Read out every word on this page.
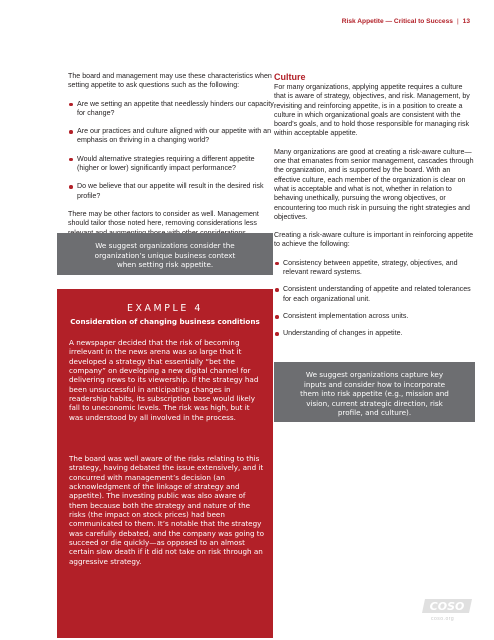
Risk Appetite — Critical to Success | 13

The board and management may use these characteristics when setting appetite to ask questions such as the following:

Are we setting an appetite that needlessly hinders our capacity for change?
Are our practices and culture aligned with our appetite with an emphasis on thriving in a changing world?
Would alternative strategies requiring a different appetite (higher or lower) significantly impact performance?
Do we believe that our appetite will result in the desired risk profile?

There may be other factors to consider as well. Management should tailor those noted here, removing considerations less

We suggest organizations consider the organization’s unique business context when setting risk appetite.
EXAMPLE 4
Consideration of changing business conditions

A newspaper decided that the risk of becoming irrelevant in the news arena was so large that it developed a strategy that essentially “bet the company” on developing a new digital channel for delivering news to its viewership. If the strategy had been unsuccessful in anticipating changes in readership habits, its subscription base would likely fall to uneconomic levels. The risk was high, but it was understood by all involved in the process.

The board was well aware of the risks relating to this strategy, having debated the issue extensively, and it concurred with management’s decision (an acknowledgment of the linkage of strategy and appetite). The investing public was also aware of them because both the strategy and nature of the risks (the impact on stock prices) had been communicated to them. It’s notable that the strategy was carefully debated, and the company was going to succeed or die quickly—as opposed to an almost certain slow death if it did not take on risk through an aggressive strategy.

Culture

For many organizations, applying appetite requires a culture that is aware of strategy, objectives, and risk. Management, by revisiting and reinforcing appetite, is in a position to create a culture in which organizational goals are consistent with the board’s goals, and to hold those responsible for managing risk within acceptable appetite.

Many organizations are good at creating a risk-aware culture—one that emanates from senior management, cascades through the organization, and is supported by the board. With an effective culture, each member of the organization is clear on what is acceptable and what is not, whether in relation to behaving unethically, pursuing the wrong objectives, or encountering too much risk in pursuing the right strategies and objectives.

Creating a risk-aware culture is important in reinforcing appetite to achieve the following:

Consistency between appetite, strategy, objectives, and relevant reward systems.
Consistent understanding of appetite and related tolerances for each organizational unit.
Consistent implementation across units.
Understanding of changes in appetite.
We suggest organizations capture key inputs and consider how to incorporate them into risk appetite (e.g., mission and vision, current strategic direction, risk profile, and culture).
COSO
coso.org
